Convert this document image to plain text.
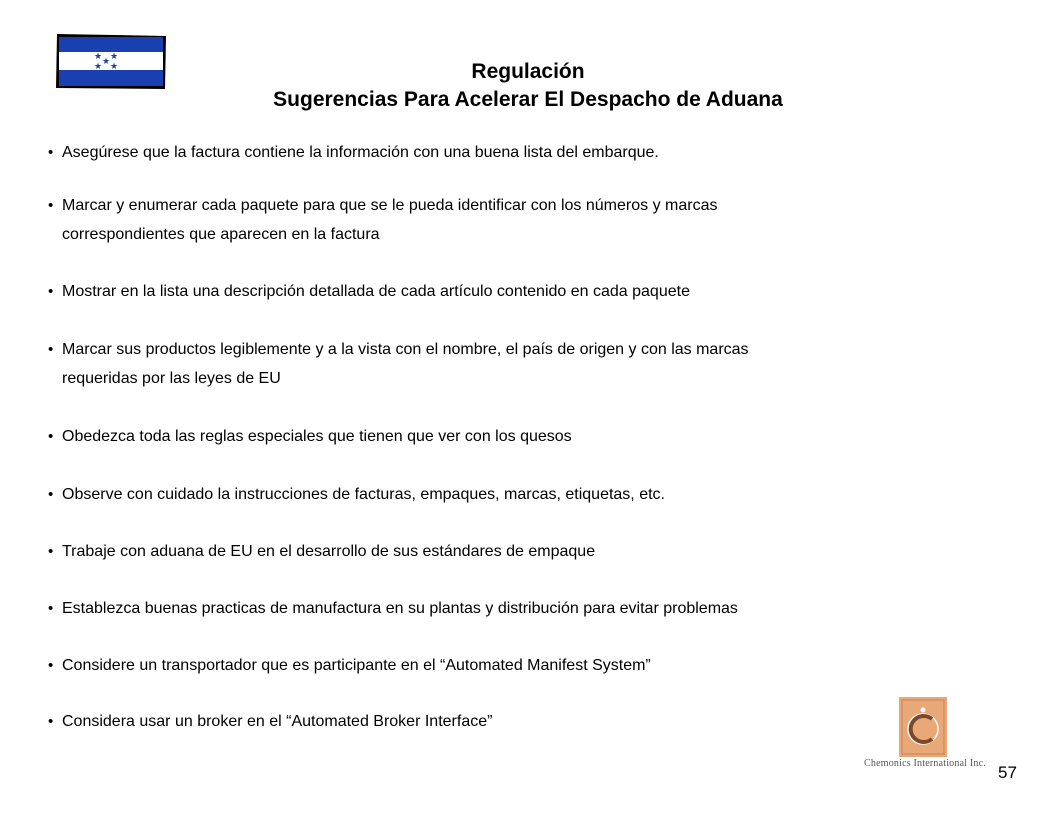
★ ★
★
★ ★	Regulación
Sugerencias Para Acelerar El Despacho de Aduana
• Asegúrese que la factura contiene la información con una buena lista del embarque.
• Marcar y enumerar cada paquete para que se le pueda identificar con los números y marcas
correspondientes que aparecen en la factura
• Mostrar en la lista una descripción detallada de cada artículo contenido en cada paquete
• Marcar sus productos legiblemente y a la vista con el nombre, el país de origen y con las marcas
requeridas por las leyes de EU
• Obedezca toda las reglas especiales que tienen que ver con los quesos
• Observe con cuidado la instrucciones de facturas, empaques, marcas, etiquetas, etc.
• Trabaje con aduana de EU en el desarrollo de sus estándares de empaque
• Establezca buenas practicas de manufactura en su plantas y distribución para evitar problemas
• Considere un transportador que es participante en el “Automated Manifest System”
• Considera usar un broker en el “Automated Broker Interface”
Chemonics International Inc. 57
